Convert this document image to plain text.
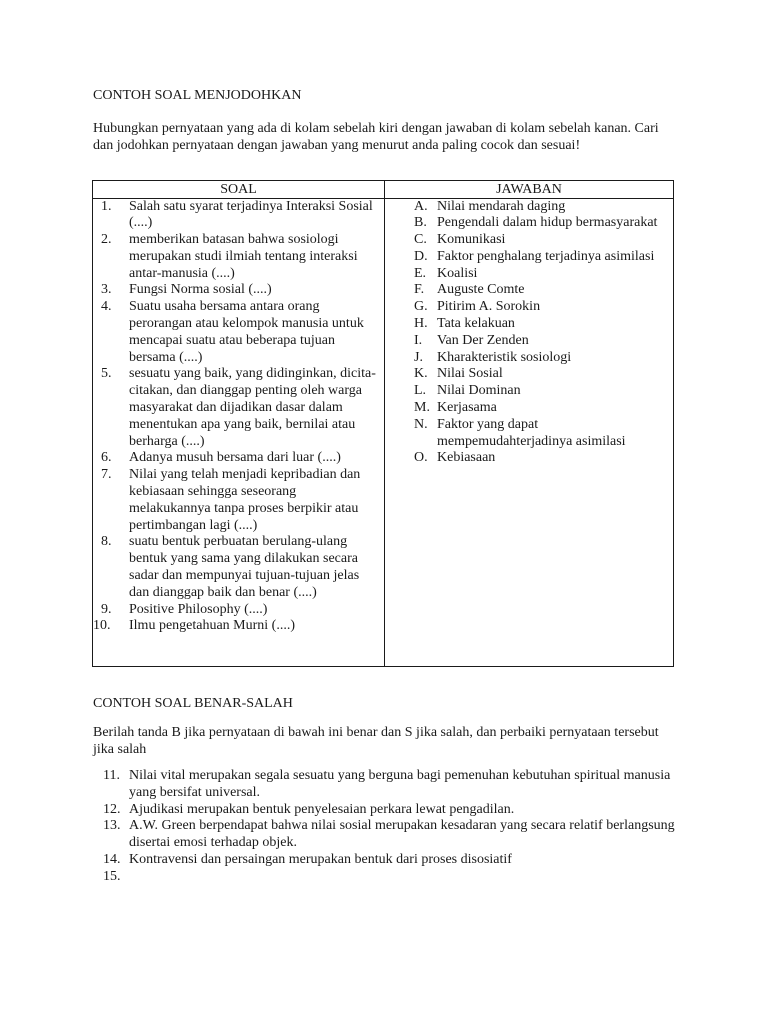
CONTOH SOAL MENJODOHKAN

Hubungkan pernyataan yang ada di kolam sebelah kiri dengan jawaban di kolam sebelah kanan. Cari dan jodohkan pernyataan dengan jawaban yang menurut anda paling cocok dan sesuai!

SOAL	JAWABAN
1. Salah satu syarat terjadinya Interaksi Sosial (....)
2. memberikan batasan bahwa sosiologi merupakan studi ilmiah tentang interaksi antar-manusia (....)
3. Fungsi Norma sosial (....)
4. Suatu usaha bersama antara orang perorangan atau kelompok manusia untuk mencapai suatu atau beberapa tujuan bersama (....)
5. sesuatu yang baik, yang didinginkan, dicita-citakan, dan dianggap penting oleh warga masyarakat dan dijadikan dasar dalam menentukan apa yang baik, bernilai atau berharga (....)
6. Adanya musuh bersama dari luar (....)
7. Nilai yang telah menjadi kepribadian dan kebiasaan sehingga seseorang melakukannya tanpa proses berpikir atau pertimbangan lagi (....)
8. suatu bentuk perbuatan berulang-ulang bentuk yang sama yang dilakukan secara sadar dan mempunyai tujuan-tujuan jelas dan dianggap baik dan benar (....)
9. Positive Philosophy (....)
10. Ilmu pengetahuan Murni (....)
A. Nilai mendarah daging
B. Pengendali dalam hidup bermasyarakat
C. Komunikasi
D. Faktor penghalang terjadinya asimilasi
E. Koalisi
F. Auguste Comte
G. Pitirim A. Sorokin
H. Tata kelakuan
I. Van Der Zenden
J. Kharakteristik sosiologi
K. Nilai Sosial
L. Nilai Dominan
M. Kerjasama
N. Faktor yang dapat mempemudahterjadinya asimilasi
O. Kebiasaan
CONTOH SOAL BENAR-SALAH

Berilah tanda B jika pernyataan di bawah ini benar dan S jika salah, dan perbaiki pernyataan tersebut jika salah

11. Nilai vital merupakan segala sesuatu yang berguna bagi pemenuhan kebutuhan spiritual manusia yang bersifat universal.
12. Ajudikasi merupakan bentuk penyelesaian perkara lewat pengadilan.
13. A.W. Green berpendapat bahwa nilai sosial merupakan kesadaran yang secara relatif berlangsung disertai emosi terhadap objek.
14. Kontravensi dan persaingan merupakan bentuk dari proses disosiatif
15.
